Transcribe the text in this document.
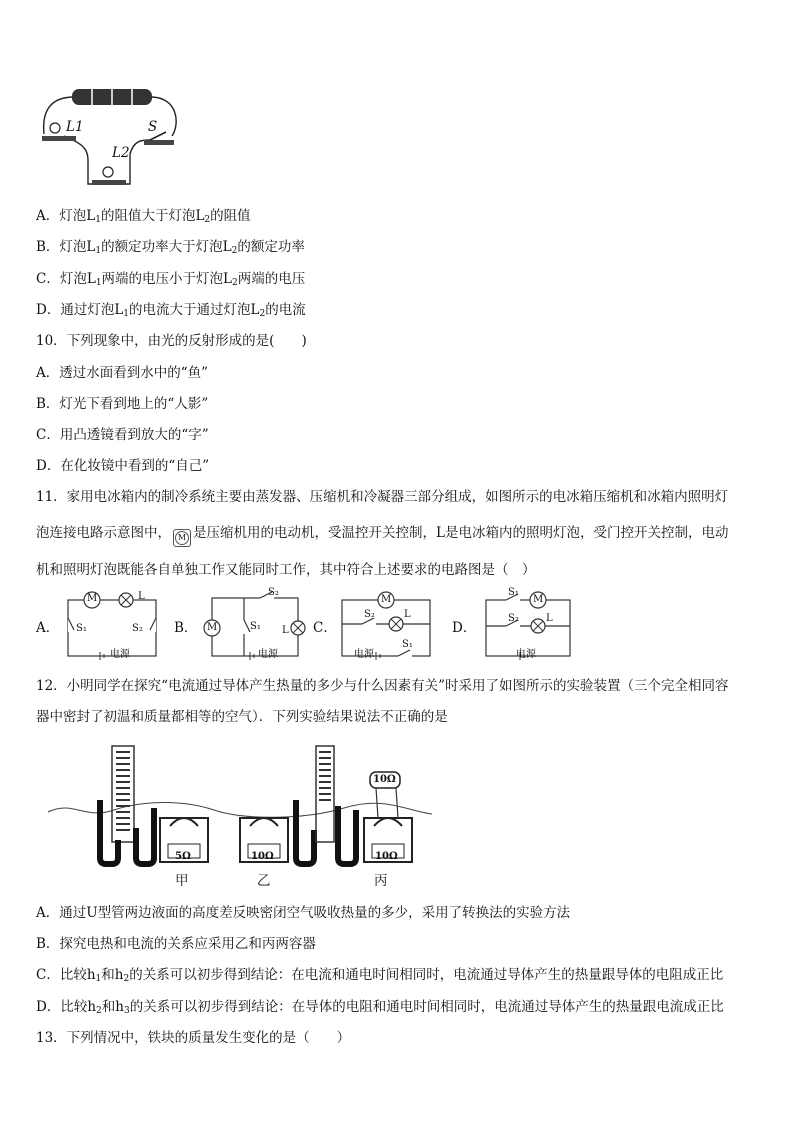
L1
L2
S
A．灯泡$L_1$的阻值大于灯泡$L_2$的阻值
B．灯泡$L_1$的额定功率大于灯泡$L_2$的额定功率
C．灯泡$L_1$两端的电压小于灯泡$L_2$两端的电压
D．通过灯泡$L_1$的电流大于通过灯泡$L_2$的电流
10．下列现象中，由光的反射形成的是(　　)
A．透过水面看到水中的“鱼”
B．灯光下看到地上的“人影”
C．用凸透镜看到放大的“字”
D．在化妆镜中看到的“自己”
11．家用电冰箱内的制冷系统主要由蒸发器、压缩机和冷凝器三部分组成，如图所示的电冰箱压缩机和冰箱内照明灯
泡连接电路示意图中， M 是压缩机用的电动机，受温控开关控制，L是电冰箱内的照明灯泡，受门控开关控制，电动
机和照明灯泡既能各自单独工作又能同时工作，其中符合上述要求的电路图是（　）
A．	B．	C．	D．
M	L
S₁	S₂
电源
M	S₁
S₂
L
电源
M
S₂	L
电源
S₁
S₁
M
S₂	L
电源
12．小明同学在探究“电流通过导体产生热量的多少与什么因素有关”时采用了如图所示的实验装置（三个完全相同容
器中密封了初温和质量都相等的空气）．下列实验结果说法不正确的是
5Ω	10Ω	10Ω
10Ω
甲	乙	丙
A．通过U型管两边液面的高度差反映密闭空气吸收热量的多少，采用了转换法的实验方法
B．探究电热和电流的关系应采用乙和丙两容器
C．比较$h_1$和$h_2$的关系可以初步得到结论：在电流和通电时间相同时，电流通过导体产生的热量跟导体的电阻成正比
D．比较$h_2$和$h_3$的关系可以初步得到结论：在导体的电阻和通电时间相同时，电流通过导体产生的热量跟电流成正比
13．下列情况中，铁块的质量发生变化的是（　　）
